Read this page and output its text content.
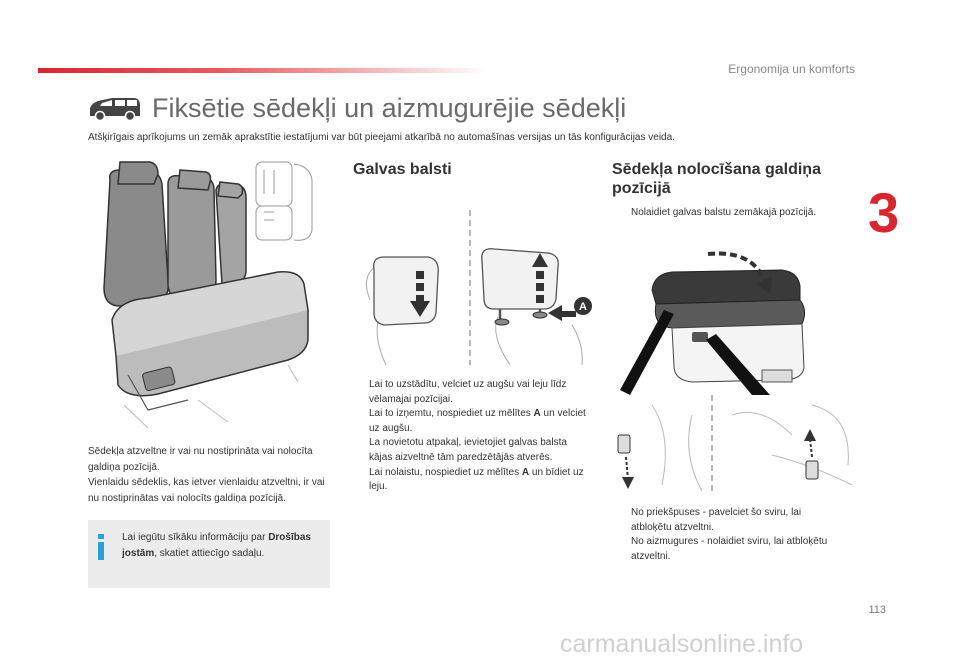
Ergonomija un komforts
3
Fiksētie sēdekļi un aizmugurējie sēdekļi
Atšķirīgais aprīkojums un zemāk aprakstītie iestatījumi var būt pieejami atkarībā no automašīnas versijas un tās konfigurācijas veida.

Sēdekļa atzveltne ir vai nu nostiprināta vai nolocīta galdiņa pozīcijā.

Vienlaidu sēdeklis, kas ietver vienlaidu atzveltni, ir vai nu nostiprinātas vai nolocīts galdiņa pozīcijā.

Lai iegūtu sīkāku informāciju par Drošības jostām, skatiet attiecīgo sadaļu.
Galvas balsti
A
Lai to uzstādītu, velciet uz augšu vai leju līdz vēlamajai pozīcijai.
Lai to izņemtu, nospiediet uz mēlītes A un velciet uz augšu.
La novietotu atpakaļ, ievietojiet galvas balsta kājas aizveltnē tām paredzētājās atverēs.
Lai nolaistu, nospiediet uz mēlītes A un bīdiet uz leju.
Sēdekļa nolocīšana galdiņa pozīcijā
Nolaidiet galvas balstu zemākajā pozīcijā.
No priekšpuses - pavelciet šo sviru, lai atbloķētu atzveltni.
No aizmugures - nolaidiet sviru, lai atbloķētu atzveltni.
113
carmanualsonline.info
